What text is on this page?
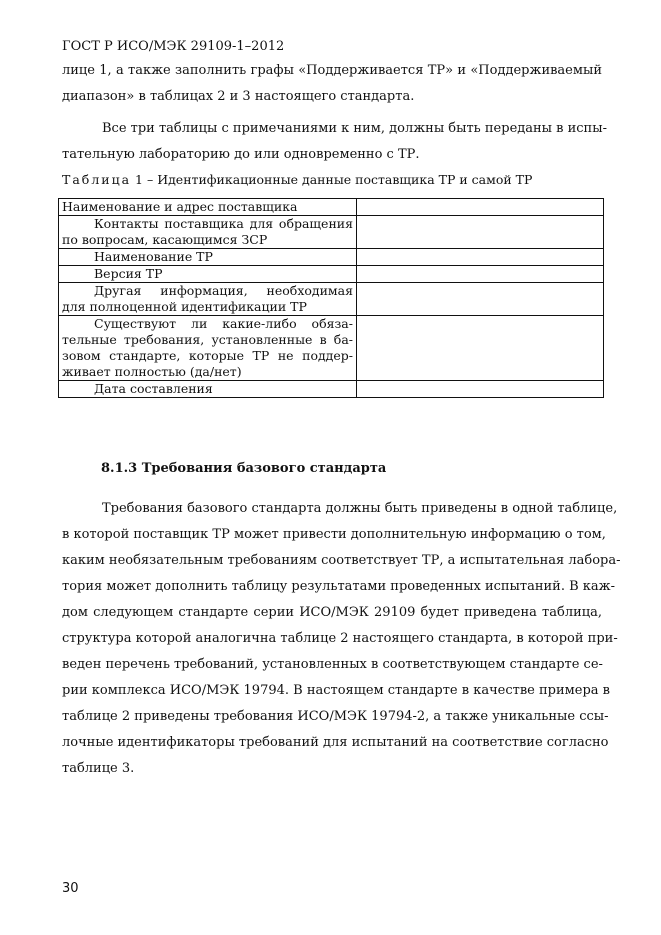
ГОСТ Р ИСО/МЭК 29109-1–2012
лице 1, а также заполнить графы «Поддерживается ТР» и «Поддерживаемый
диапазон» в таблицах 2 и 3 настоящего стандарта.
Все три таблицы с примечаниями к ним, должны быть переданы в испы-
тательную лабораторию до или одновременно с ТР.
Таблица 1 – Идентификационные данные поставщика ТР и самой ТР
Наименование и адрес поставщика	

Контакты поставщика для обращения
по вопросам, касающимся ЗСР	

Наименование ТР	

Версия ТР	

Другая информация, необходимая
для полноценной идентификации ТР	

Существуют ли какие-либо обяза-
тельные требования, установленные в ба-
зовом стандарте, которые ТР не поддер-
живает полностью (да/нет)	

Дата составления	

8.1.3 Требования базового стандарта
Требования базового стандарта должны быть приведены в одной таблице,
в которой поставщик ТР может привести дополнительную информацию о том,
каким необязательным требованиям соответствует ТР, а испытательная лабора-
тория может дополнить таблицу результатами проведенных испытаний. В каж-
дом следующем стандарте серии ИСО/МЭК 29109 будет приведена таблица,
структура которой аналогична таблице 2 настоящего стандарта, в которой при-
веден перечень требований, установленных в соответствующем стандарте се-
рии комплекса ИСО/МЭК 19794. В настоящем стандарте в качестве примера в
таблице 2 приведены требования ИСО/МЭК 19794-2, а также уникальные ссы-
лочные идентификаторы требований для испытаний на соответствие согласно
таблице 3.
30
